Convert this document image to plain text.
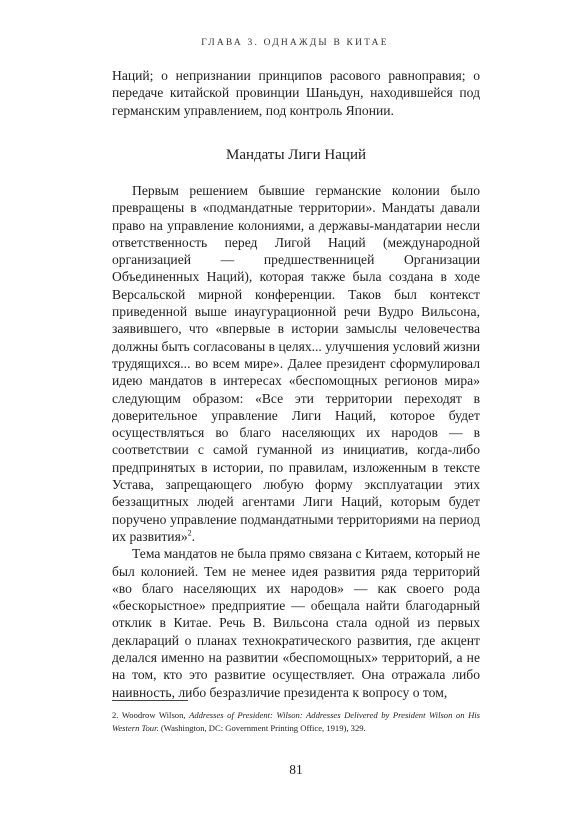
ГЛАВА 3. ОДНАЖДЫ В КИТАЕ

Наций; о непризнании принципов расового равноправия; о передаче китайской провинции Шаньдун, находившейся под германским управлением, под контроль Японии.

Мандаты Лиги Наций

Первым решением бывшие германские колонии было превращены в «подмандатные территории». Мандаты давали право на управление колониями, а державы-мандатарии несли ответственность перед Лигой Наций (международной организацией — предшественницей Организации Объединенных Наций), которая также была создана в ходе Версальской мирной конференции. Таков был контекст приведенной выше инаугурационной речи Вудро Вильсона, заявившего, что «впервые в истории замыслы человечества должны быть согласованы в целях... улучшения условий жизни трудящихся... во всем мире». Далее президент сформулировал идею мандатов в интересах «беспомощных регионов мира» следующим образом: «Все эти территории переходят в доверительное управление Лиги Наций, которое будет осуществляться во благо населяющих их народов — в соответствии с самой гуманной из инициатив, когда-либо предпринятых в истории, по правилам, изложенным в тексте Устава, запрещающего любую форму эксплуатации этих беззащитных людей агентами Лиги Наций, которым будет поручено управление подмандатными территориями на период их развития»$^2$.

Тема мандатов не была прямо связана с Китаем, который не был колонией. Тем не менее идея развития ряда территорий «во благо населяющих их народов» — как своего рода «бескорыстное» предприятие — обещала найти благодарный отклик в Китае. Речь В. Вильсона стала одной из первых деклараций о планах технократического развития, где акцент делался именно на развитии «беспомощных» территорий, а не на том, кто это развитие осуществляет. Она отражала либо наивность, либо безразличие президента к вопросу о том,

2. Woodrow Wilson, Addresses of President: Wilson: Addresses Delivered by President Wilson on His Western Tour. (Washington, DC: Government Printing Office, 1919), 329.
81
